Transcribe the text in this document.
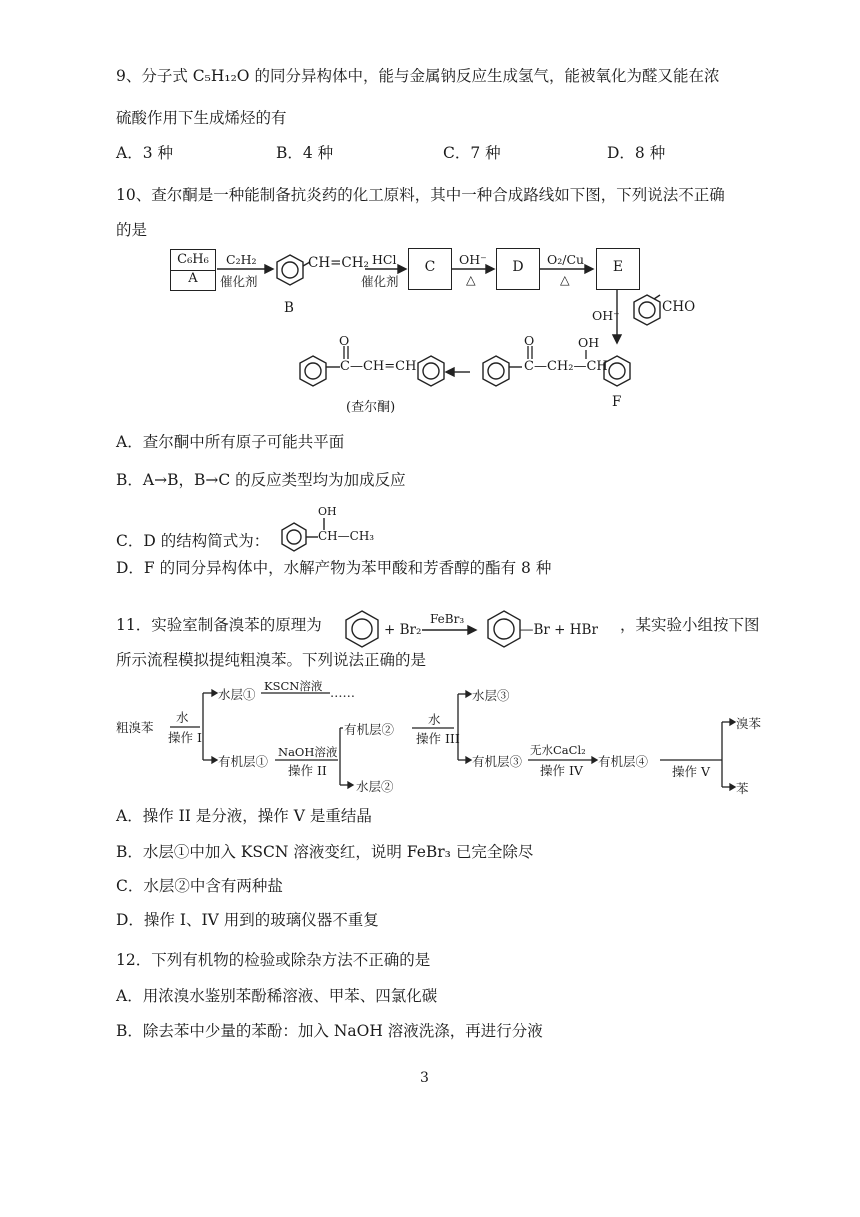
9、分子式 C₅H₁₂O 的同分异构体中，能与金属钠反应生成氢气，能被氧化为醛又能在浓
硫酸作用下生成烯烃的有
A．3 种	B．4 种	C．7 种	D．8 种
10、查尔酮是一种能制备抗炎药的化工原料，其中一种合成路线如下图，下列说法不正确
的是
C₆H₆
A
C	D	E
C₂H₂
催化剂
CH=CH₂
B
HCl
催化剂
OH⁻
△
O₂/Cu
△
OH⁻
CHO
O
C—CH=CH
(查尔酮)
O	OH
C—CH₂—CH
F
A．查尔酮中所有原子可能共平面
B．A→B，B→C 的反应类型均为加成反应
C．D 的结构简式为：
OH
CH—CH₃
D．F 的同分异构体中，水解产物为苯甲酸和芳香醇的酯有 8 种
11．实验室制备溴苯的原理为	+ Br₂
FeBr₃
—Br + HBr ，某实验小组按下图
所示流程模拟提纯粗溴苯。下列说法正确的是
粗溴苯
水
操作 I
水层①
KSCN溶液 ……
有机层①
NaOH溶液
操作 II
有机层②
水层②
水
操作 III
水层③
有机层③
无水CaCl₂
操作 IV
有机层④
操作 V
溴苯
苯
A．操作 II 是分液，操作 V 是重结晶
B．水层①中加入 KSCN 溶液变红，说明 FeBr₃ 已完全除尽
C．水层②中含有两种盐
D．操作 I、IV 用到的玻璃仪器不重复
12．下列有机物的检验或除杂方法不正确的是
A．用浓溴水鉴别苯酚稀溶液、甲苯、四氯化碳
B．除去苯中少量的苯酚：加入 NaOH 溶液洗涤，再进行分液
3
